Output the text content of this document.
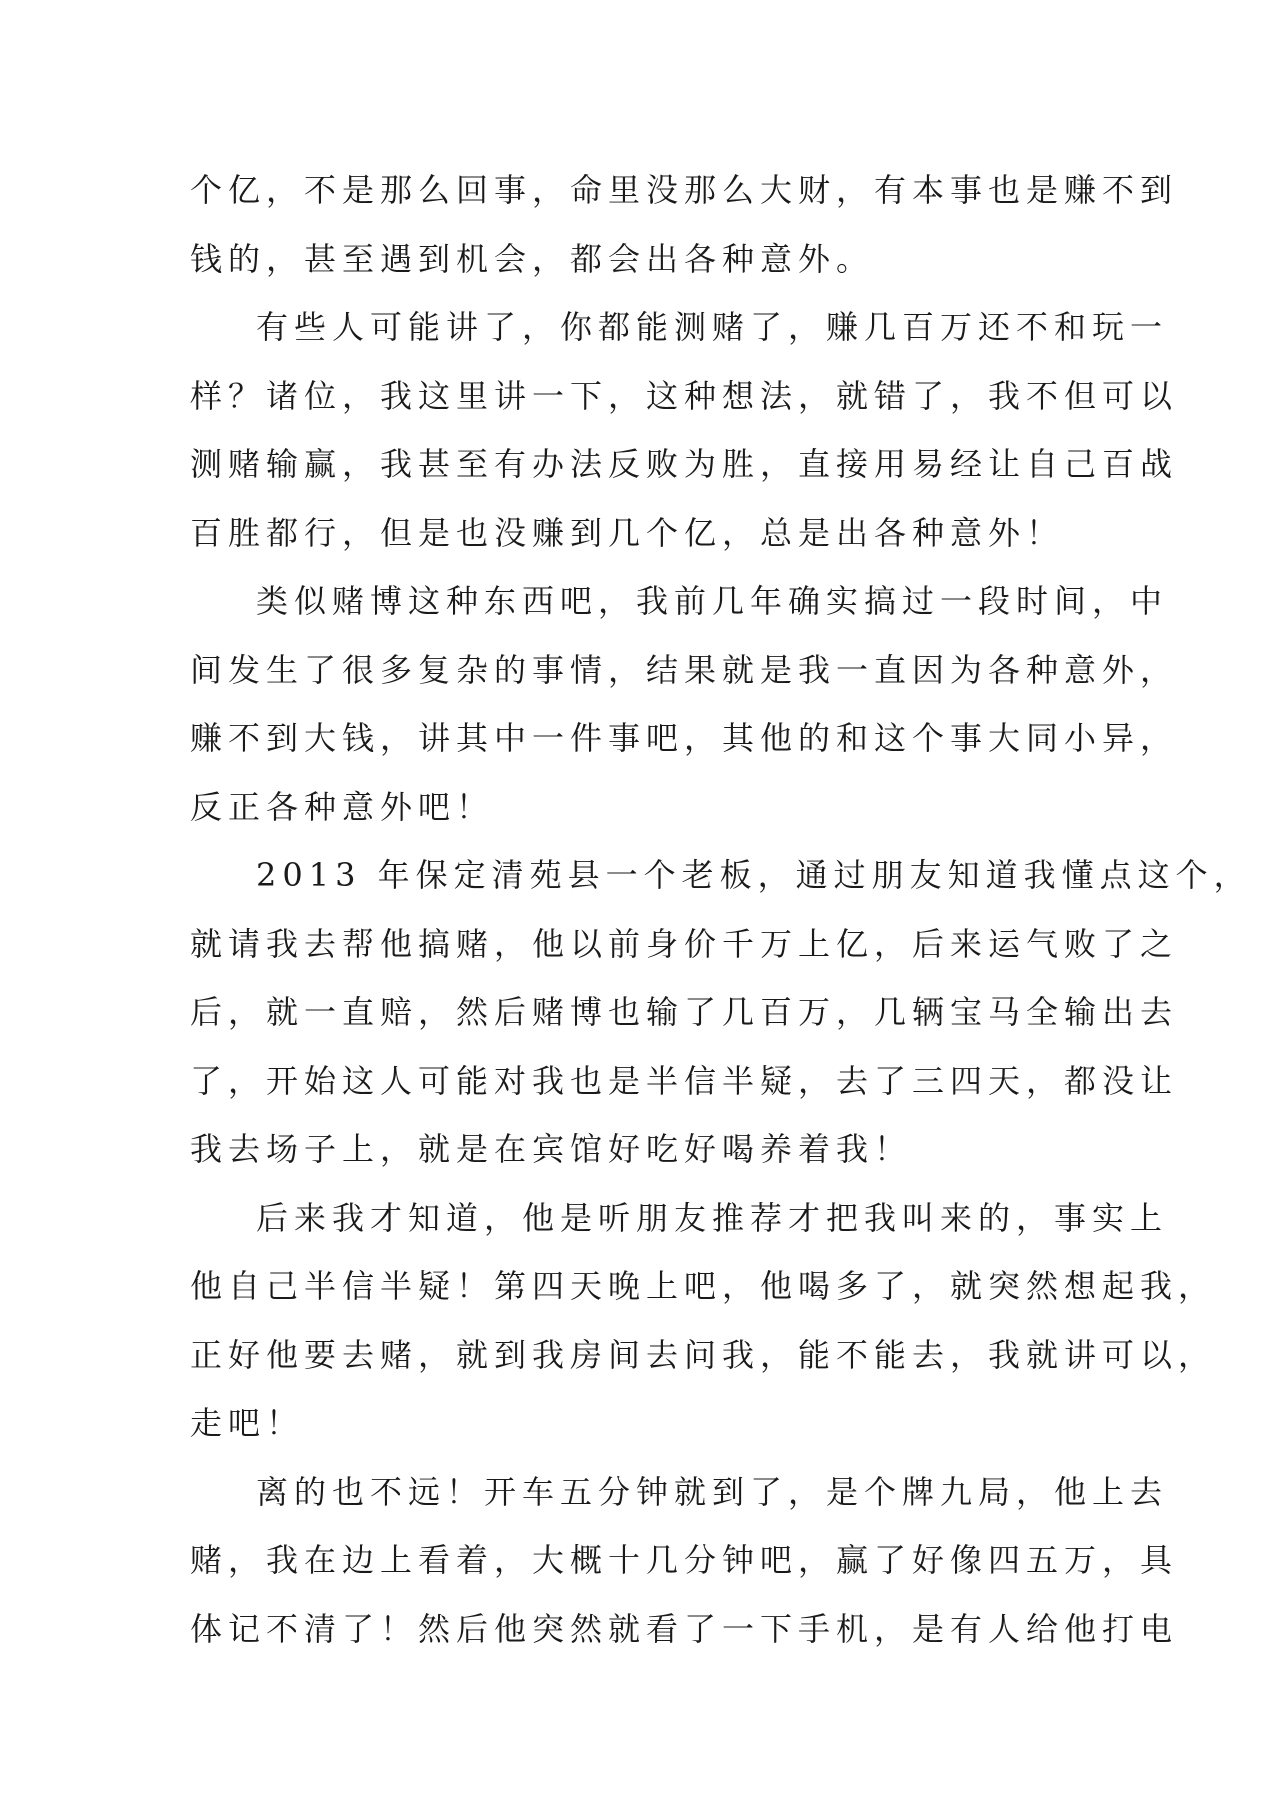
个亿，不是那么回事，命里没那么大财，有本事也是赚不到
钱的，甚至遇到机会，都会出各种意外。
有些人可能讲了，你都能测赌了，赚几百万还不和玩一
样？诸位，我这里讲一下，这种想法，就错了，我不但可以
测赌输赢，我甚至有办法反败为胜，直接用易经让自己百战
百胜都行，但是也没赚到几个亿，总是出各种意外！
类似赌博这种东西吧，我前几年确实搞过一段时间，中
间发生了很多复杂的事情，结果就是我一直因为各种意外，
赚不到大钱，讲其中一件事吧，其他的和这个事大同小异，
反正各种意外吧！
2013 年保定清苑县一个老板，通过朋友知道我懂点这个，
就请我去帮他搞赌，他以前身价千万上亿，后来运气败了之
后，就一直赔，然后赌博也输了几百万，几辆宝马全输出去
了，开始这人可能对我也是半信半疑，去了三四天，都没让
我去场子上，就是在宾馆好吃好喝养着我！
后来我才知道，他是听朋友推荐才把我叫来的，事实上
他自己半信半疑！第四天晚上吧，他喝多了，就突然想起我，
正好他要去赌，就到我房间去问我，能不能去，我就讲可以，
走吧！
离的也不远！开车五分钟就到了，是个牌九局，他上去
赌，我在边上看着，大概十几分钟吧，赢了好像四五万，具
体记不清了！然后他突然就看了一下手机，是有人给他打电
